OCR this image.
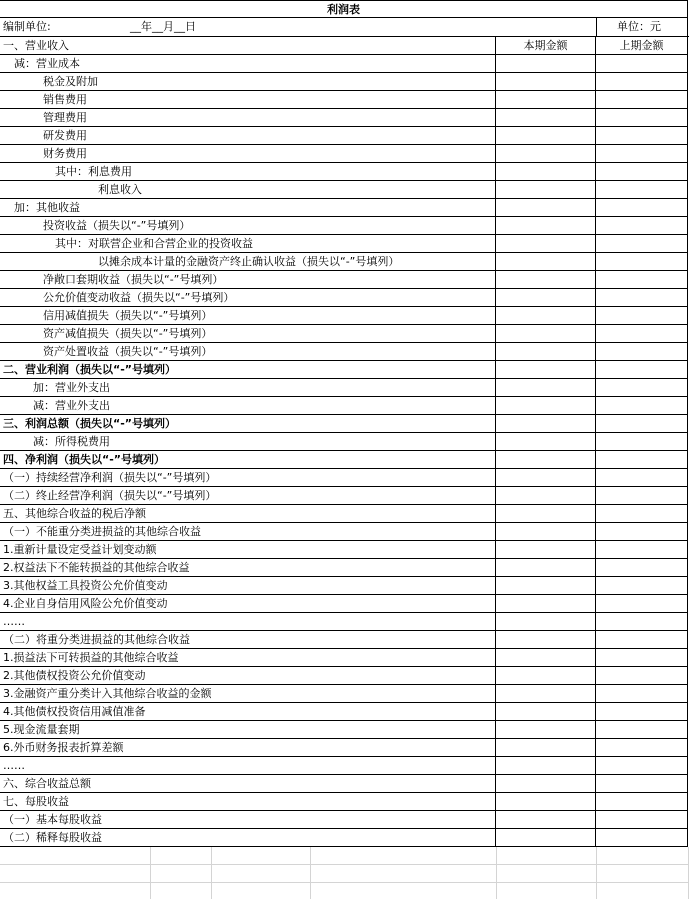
利润表
编制单位:	__年__月__日	单位：元
一、营业收入	本期金额	上期金额
减：营业成本
税金及附加
销售费用
管理费用
研发费用
财务费用
其中：利息费用
利息收入
加：其他收益
投资收益（损失以“-”号填列）
其中：对联营企业和合营企业的投资收益
以摊余成本计量的金融资产终止确认收益（损失以“-”号填列）
净敞口套期收益（损失以“-”号填列）
公允价值变动收益（损失以“-”号填列）
信用减值损失（损失以“-”号填列）
资产减值损失（损失以“-”号填列）
资产处置收益（损失以“-”号填列）
二、营业利润（损失以“-”号填列）
加：营业外支出
减：营业外支出
三、利润总额（损失以“-”号填列）
减：所得税费用
四、净利润（损失以“-”号填列）
（一）持续经营净利润（损失以“-”号填列）
（二）终止经营净利润（损失以“-”号填列）
五、其他综合收益的税后净额
（一）不能重分类进损益的其他综合收益
1.重新计量设定受益计划变动额
2.权益法下不能转损益的其他综合收益
3.其他权益工具投资公允价值变动
4.企业自身信用风险公允价值变动
……
（二）将重分类进损益的其他综合收益
1.损益法下可转损益的其他综合收益
2.其他债权投资公允价值变动
3.金融资产重分类计入其他综合收益的金额
4.其他债权投资信用减值准备
5.现金流量套期
6.外币财务报表折算差额
……
六、综合收益总额
七、每股收益
（一）基本每股收益
（二）稀释每股收益
